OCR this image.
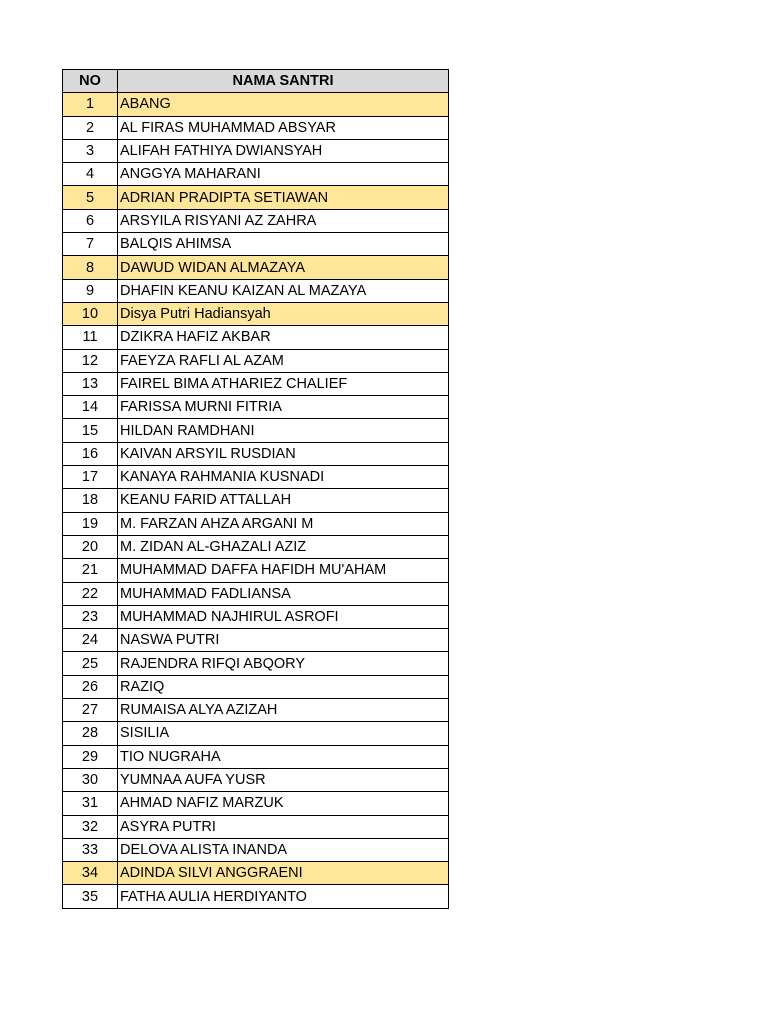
NO	NAMA SANTRI
1	ABANG
2	AL FIRAS MUHAMMAD ABSYAR
3	ALIFAH FATHIYA DWIANSYAH
4	ANGGYA MAHARANI
5	ADRIAN PRADIPTA SETIAWAN
6	ARSYILA RISYANI AZ ZAHRA
7	BALQIS AHIMSA
8	DAWUD WIDAN ALMAZAYA
9	DHAFIN KEANU KAIZAN AL MAZAYA
10	Disya Putri Hadiansyah
11	DZIKRA HAFIZ AKBAR
12	FAEYZA RAFLI AL AZAM
13	FAIREL BIMA ATHARIEZ CHALIEF
14	FARISSA MURNI FITRIA
15	HILDAN RAMDHANI
16	KAIVAN ARSYIL RUSDIAN
17	KANAYA RAHMANIA KUSNADI
18	KEANU FARID ATTALLAH
19	M. FARZAN AHZA ARGANI M
20	M. ZIDAN AL-GHAZALI AZIZ
21	MUHAMMAD DAFFA HAFIDH MU'AHAM
22	MUHAMMAD FADLIANSA
23	MUHAMMAD NAJHIRUL ASROFI
24	NASWA PUTRI
25	RAJENDRA RIFQI ABQORY
26	RAZIQ
27	RUMAISA ALYA AZIZAH
28	SISILIA
29	TIO NUGRAHA
30	YUMNAA AUFA YUSR
31	AHMAD NAFIZ MARZUK
32	ASYRA PUTRI
33	DELOVA ALISTA INANDA
34	ADINDA SILVI ANGGRAENI
35	FATHA AULIA HERDIYANTO
